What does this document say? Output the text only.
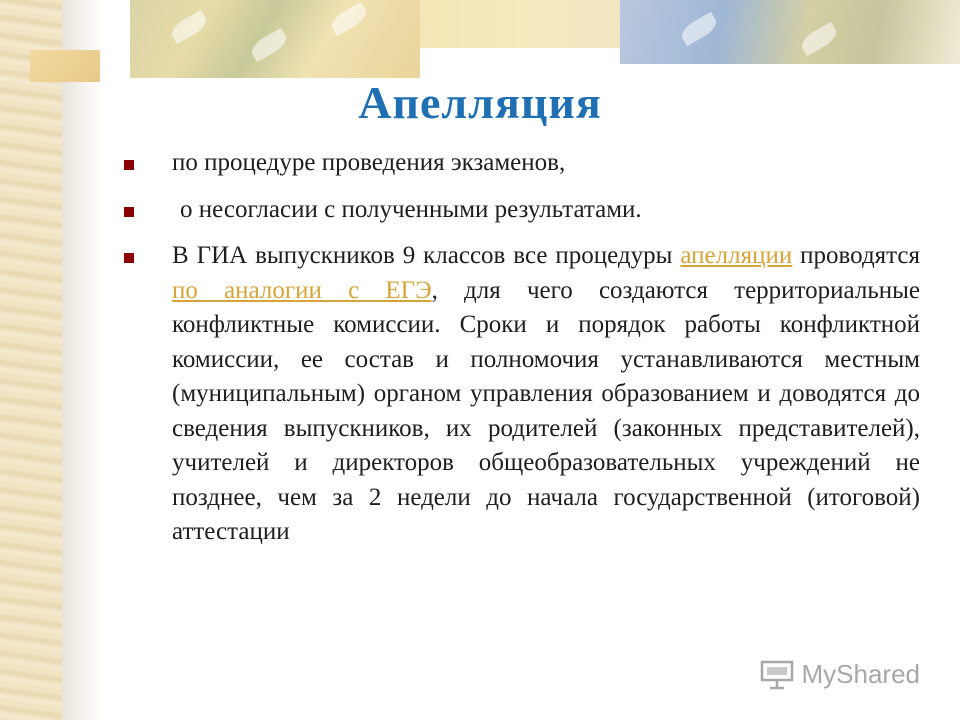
Апелляция
по процедуре проведения экзаменов,
о несогласии с полученными результатами.
В ГИА выпускников 9 классов все процедуры апелляции проводятся по аналогии с ЕГЭ, для чего создаются территориальные конфликтные комиссии. Сроки и порядок работы конфликтной комиссии, ее состав и полномочия устанавливаются местным (муниципальным) органом управления образованием и доводятся до сведения выпускников, их родителей (законных представителей), учителей и директоров общеобразовательных учреждений не позднее, чем за 2 недели до начала государственной (итоговой) аттестации
MyShared
